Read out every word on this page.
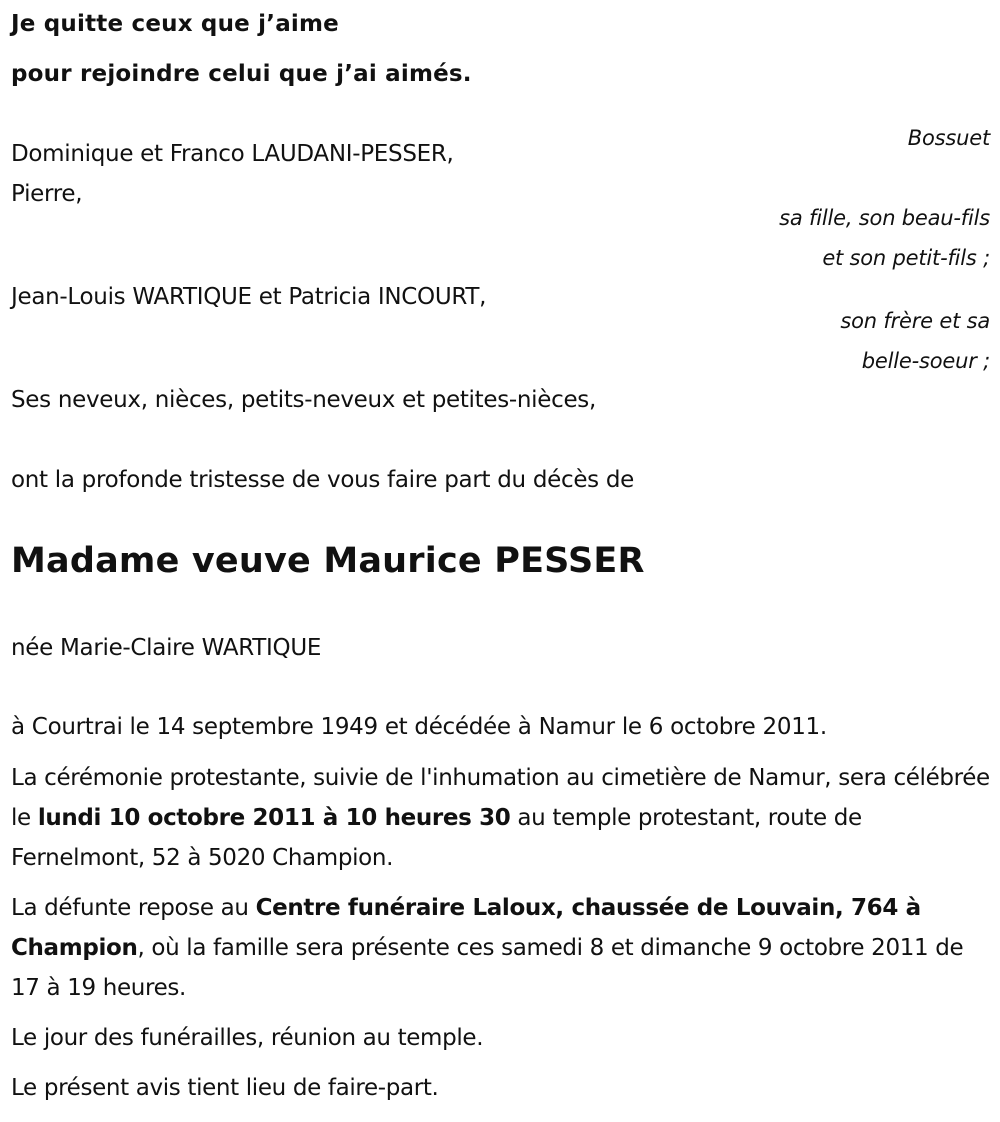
Je quitte ceux que j’aime
pour rejoindre celui que j’ai aimés.
Bossuet
Dominique et Franco LAUDANI-PESSER,
Pierre,
sa fille, son beau-fils
et son petit-fils ;
Jean-Louis WARTIQUE et Patricia INCOURT,
son frère et sa
belle-soeur ;
Ses neveux, nièces, petits-neveux et petites-nièces,
ont la profonde tristesse de vous faire part du décès de
Madame veuve Maurice PESSER
née Marie-Claire WARTIQUE
à Courtrai le 14 septembre 1949 et décédée à Namur le 6 octobre 2011.
La cérémonie protestante, suivie de l'inhumation au cimetière de Namur, sera célébrée le lundi 10 octobre 2011 à 10 heures 30 au temple protestant, route de Fernelmont, 52 à 5020 Champion.
La défunte repose au Centre funéraire Laloux, chaussée de Louvain, 764 à Champion, où la famille sera présente ces samedi 8 et dimanche 9 octobre 2011 de 17 à 19 heures.
Le jour des funérailles, réunion au temple.
Le présent avis tient lieu de faire-part.
